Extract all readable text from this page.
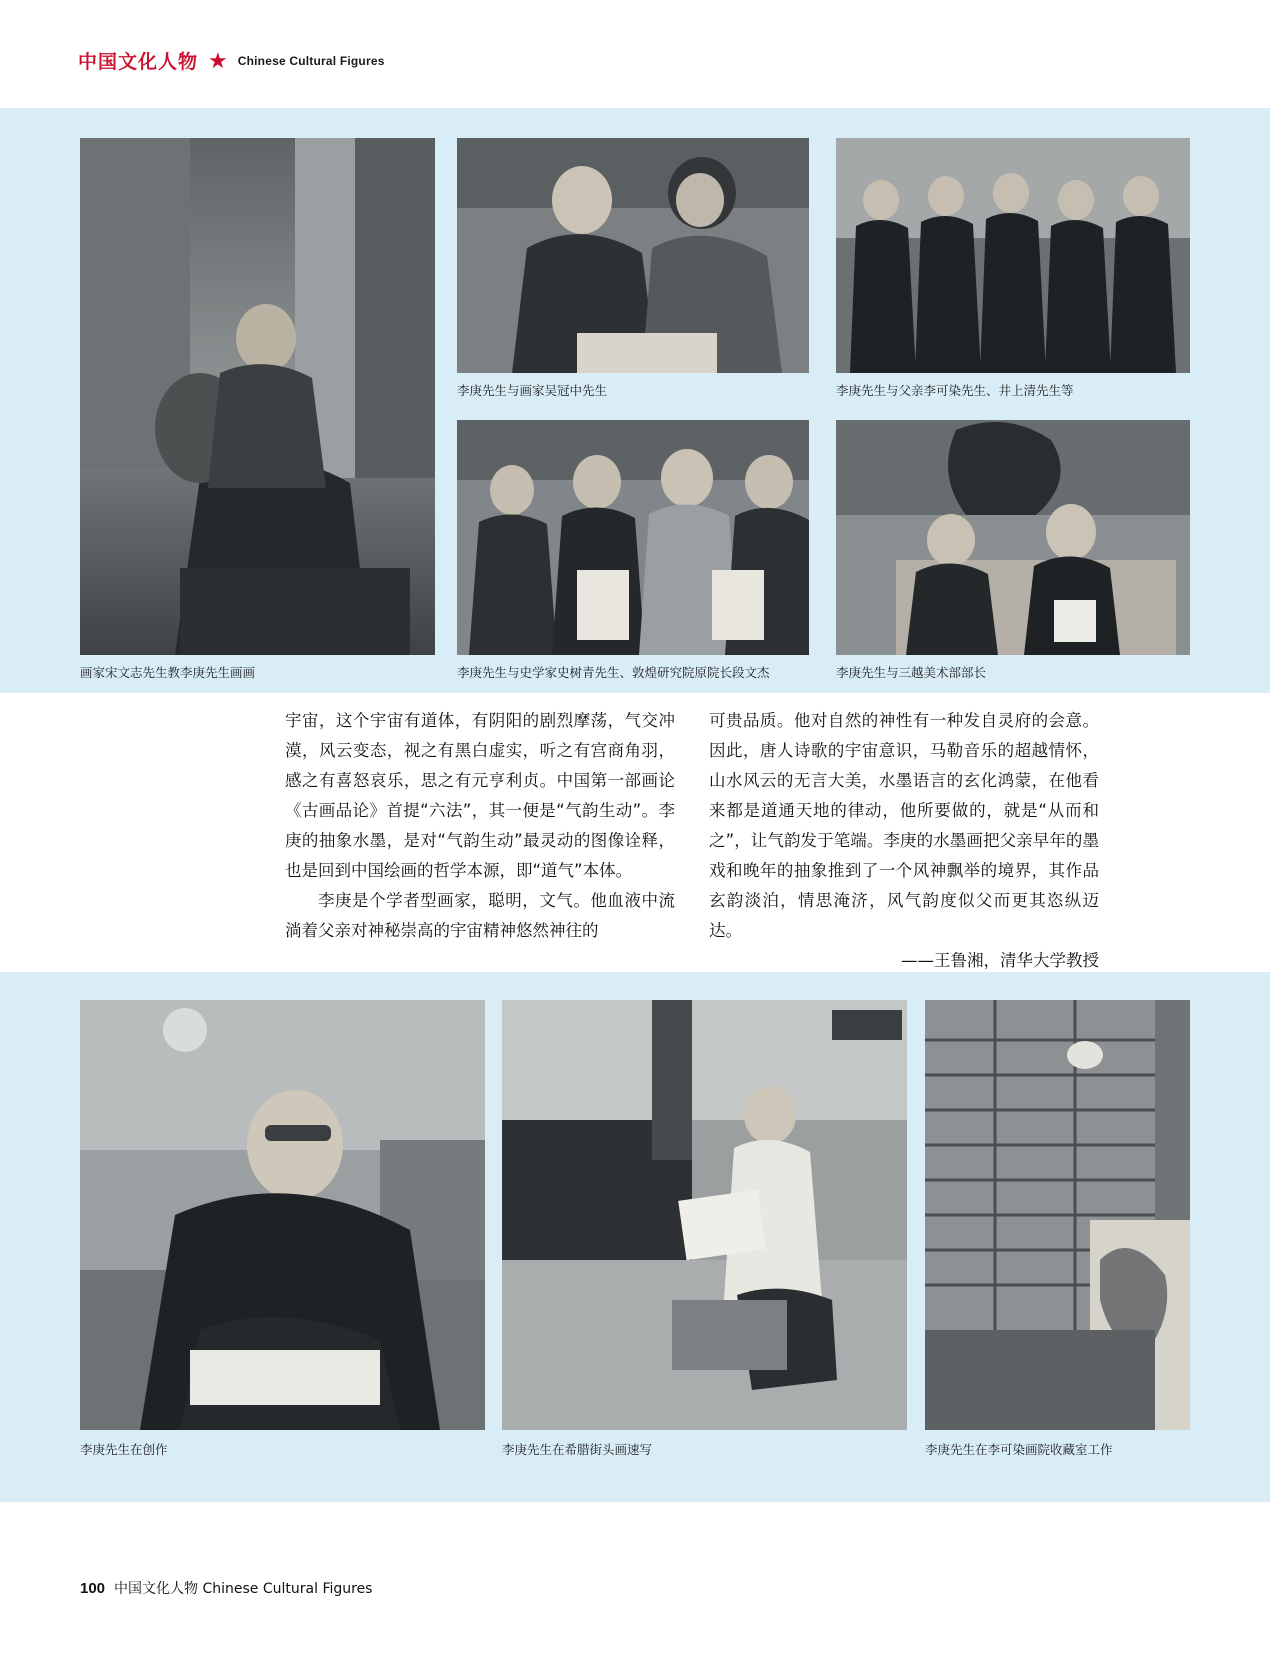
中国文化人物 ★ Chinese Cultural Figures
画家宋文志先生教李庚先生画画
李庚先生与画家吴冠中先生	李庚先生与父亲李可染先生、井上清先生等
李庚先生与史学家史树青先生、敦煌研究院原院长段文杰	李庚先生与三越美术部部长

宇宙，这个宇宙有道体，有阴阳的剧烈摩荡，气交冲漠，风云变态，视之有黑白虚实，听之有宫商角羽，感之有喜怒哀乐，思之有元亨利贞。中国第一部画论《古画品论》首提“六法”，其一便是“气韵生动”。李庚的抽象水墨，是对“气韵生动”最灵动的图像诠释，也是回到中国绘画的哲学本源，即“道气”本体。

李庚是个学者型画家，聪明，文气。他血液中流淌着父亲对神秘崇高的宇宙精神悠然神往的

可贵品质。他对自然的神性有一种发自灵府的会意。因此，唐人诗歌的宇宙意识，马勒音乐的超越情怀，山水风云的无言大美，水墨语言的玄化鸿蒙，在他看来都是道通天地的律动，他所要做的，就是“从而和之”，让气韵发于笔端。李庚的水墨画把父亲早年的墨戏和晚年的抽象推到了一个风神飘举的境界，其作品玄韵淡泊，情思淹济，风气韵度似父而更其恣纵迈达。

——王鲁湘，清华大学教授

李庚先生在创作	李庚先生在希腊街头画速写	李庚先生在李可染画院收藏室工作
100 中国文化人物 Chinese Cultural Figures
